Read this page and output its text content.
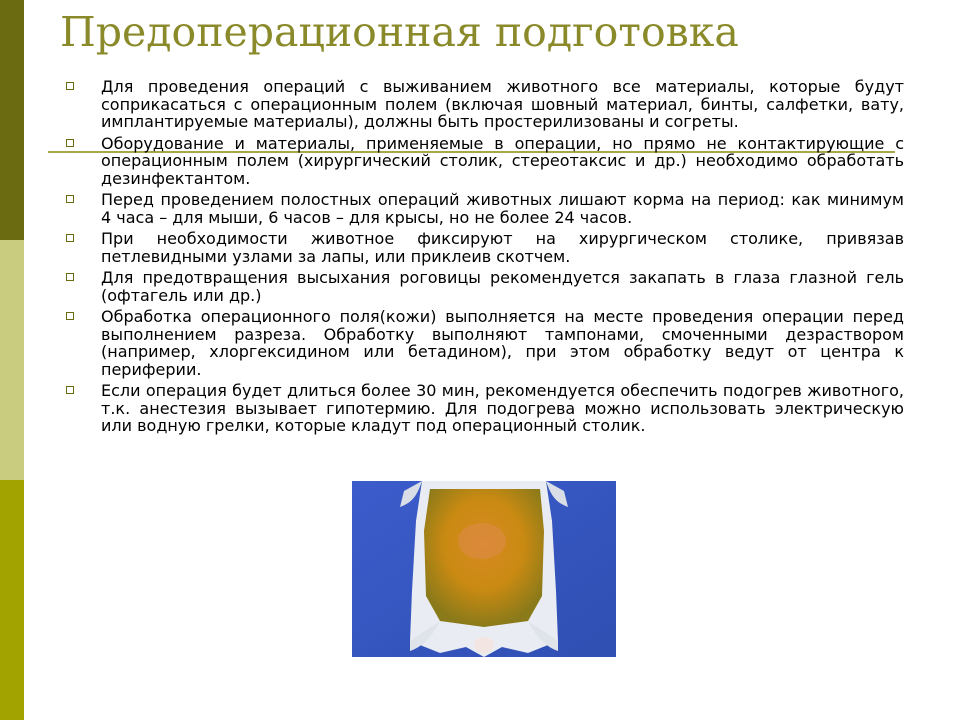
Предоперационная подготовка
Для проведения операций с выживанием животного все материалы, которые будут соприкасаться с операционным полем (включая шовный материал, бинты, салфетки, вату, имплантируемые материалы), должны быть простерилизованы и согреты.
Оборудование и материалы, применяемые в операции, но прямо не контактирующие с операционным полем (хирургический столик, стереотаксис и др.) необходимо обработать дезинфектантом.
Перед проведением полостных операций животных лишают корма на период: как минимум 4 часа – для мыши, 6 часов – для крысы, но не более 24 часов.
При необходимости животное фиксируют на хирургическом столике, привязав петлевидными узлами за лапы, или приклеив скотчем.
Для предотвращения высыхания роговицы рекомендуется закапать в глаза глазной гель (офтагель или др.)
Обработка операционного поля(кожи) выполняется на месте проведения операции перед выполнением разреза. Обработку выполняют тампонами, смоченными дезраствором (например, хлоргексидином или бетадином), при этом обработку ведут от центра к периферии.
Если операция будет длиться более 30 мин, рекомендуется обеспечить подогрев животного, т.к. анестезия вызывает гипотермию. Для подогрева можно использовать электрическую или водную грелки, которые кладут под операционный столик.
